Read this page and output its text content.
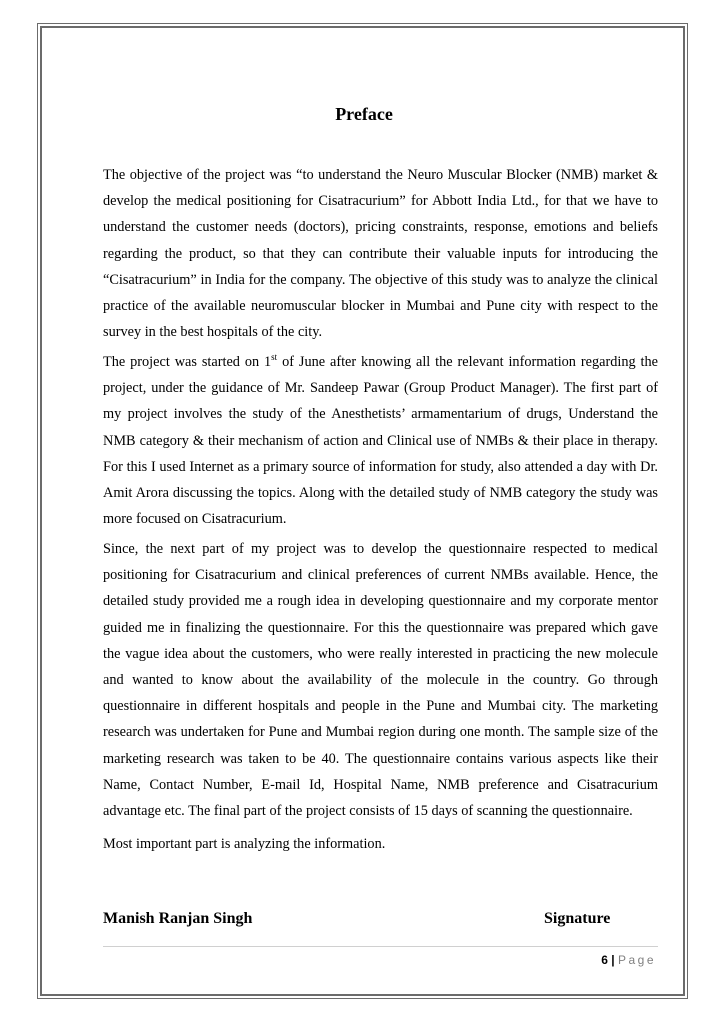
Preface

The objective of the project was “to understand the Neuro Muscular Blocker (NMB) market & develop the medical positioning for Cisatracurium” for Abbott India Ltd., for that we have to understand the customer needs (doctors), pricing constraints, response, emotions and beliefs regarding the product, so that they can contribute their valuable inputs for introducing the “Cisatracurium” in India for the company. The objective of this study was to analyze the clinical practice of the available neuromuscular blocker in Mumbai and Pune city with respect to the survey in the best hospitals of the city.

The project was started on 1st of June after knowing all the relevant information regarding the project, under the guidance of Mr. Sandeep Pawar (Group Product Manager). The first part of my project involves the study of the Anesthetists’ armamentarium of drugs, Understand the NMB category & their mechanism of action and Clinical use of NMBs & their place in therapy. For this I used Internet as a primary source of information for study, also attended a day with Dr. Amit Arora discussing the topics. Along with the detailed study of NMB category the study was more focused on Cisatracurium.

Since, the next part of my project was to develop the questionnaire respected to medical positioning for Cisatracurium and clinical preferences of current NMBs available. Hence, the detailed study provided me a rough idea in developing questionnaire and my corporate mentor guided me in finalizing the questionnaire. For this the questionnaire was prepared which gave the vague idea about the customers, who were really interested in practicing the new molecule and wanted to know about the availability of the molecule in the country. Go through questionnaire in different hospitals and people in the Pune and Mumbai city. The marketing research was undertaken for Pune and Mumbai region during one month. The sample size of the marketing research was taken to be 40. The questionnaire contains various aspects like their Name, Contact Number, E-mail Id, Hospital Name, NMB preference and Cisatracurium advantage etc. The final part of the project consists of 15 days of scanning the questionnaire.

Most important part is analyzing the information.

Manish Ranjan Singh	Signature
6 | Page
